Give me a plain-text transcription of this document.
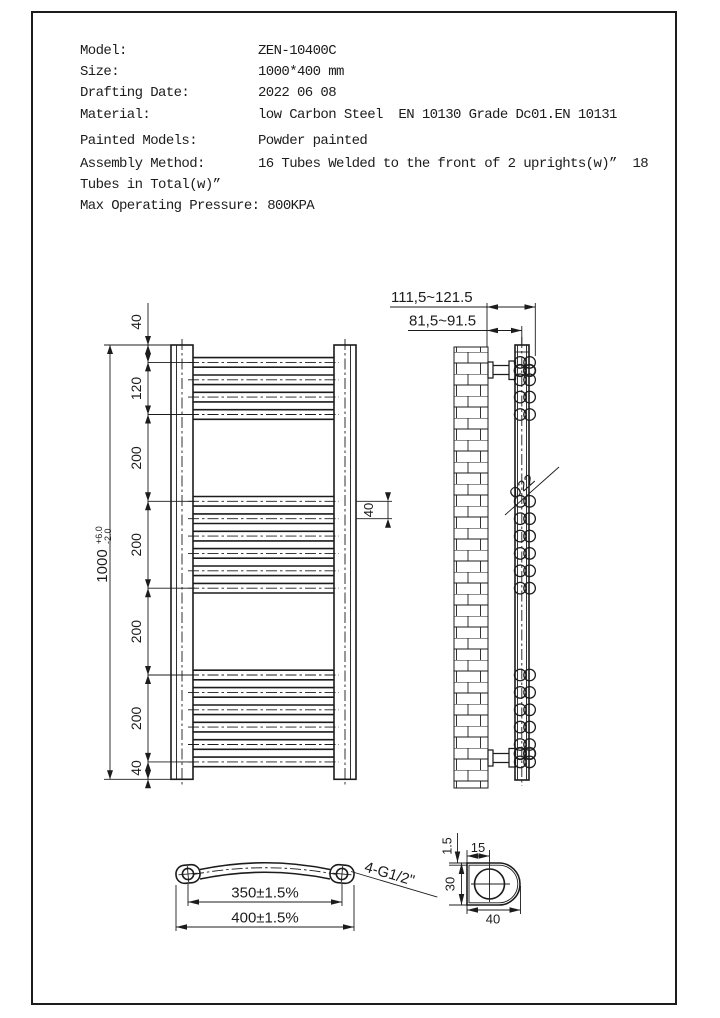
Model:	ZEN-10400C
Size:	1000*400 mm
Drafting Date:	2022 06 08
Material:	low Carbon Steel  EN 10130 Grade Dc01.EN 10131
Painted Models:	Powder painted
Assembly Method:	16 Tubes Welded to the front of 2 uprights(w)”  18
Tubes in Total(w)”
Max Operating Pressure: 800KPA
1000
+6.0 -2.0
40
120
200
200
200
200
40
40
111,5~121.5
81,5~91.5
Ø22
350±1.5%
400±1.5%
4-G1/2"
1.5 15
30
40
